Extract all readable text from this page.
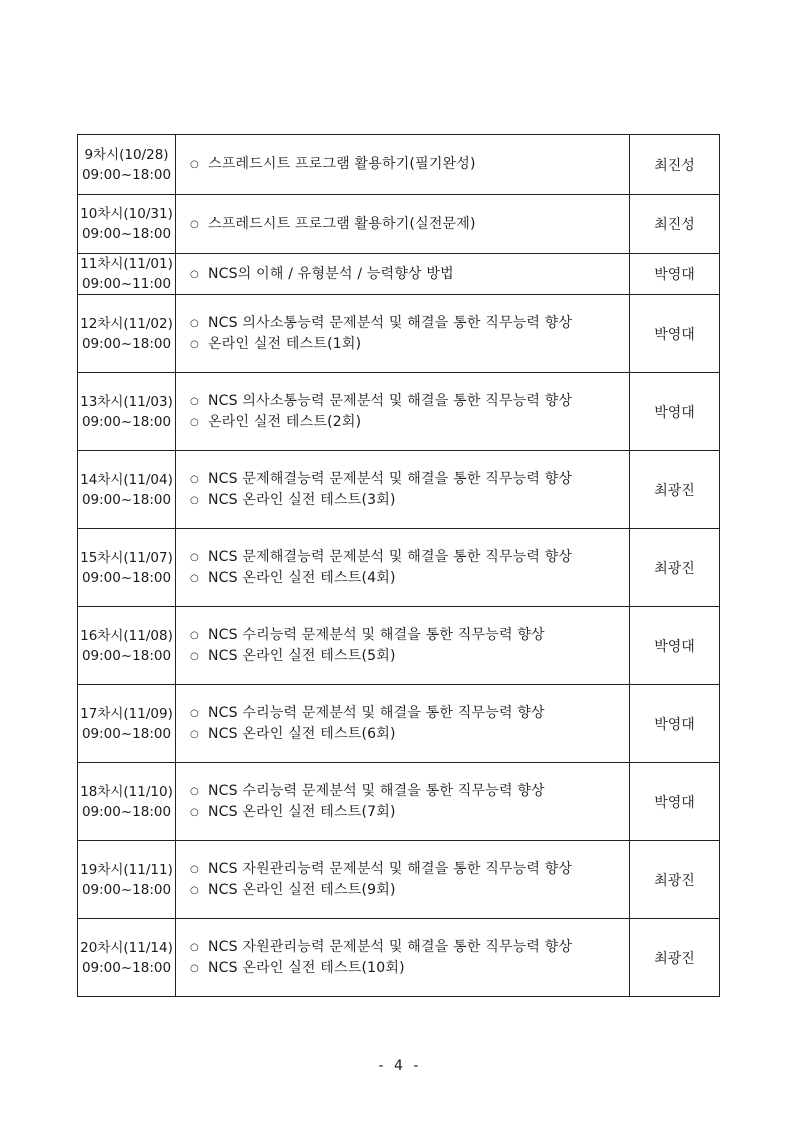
9차시(10/28)
09:00~18:00	○ 스프레드시트 프로그램 활용하기(필기완성)	최진성

10차시(10/31)
09:00~18:00	○ 스프레드시트 프로그램 활용하기(실전문제)	최진성

11차시(11/01)
09:00~11:00	○ NCS의 이해 / 유형분석 / 능력향상 방법	박영대

12차시(11/02)
09:00~18:00	○ NCS 의사소통능력 문제분석 및 해결을 통한 직무능력 향상
○ 온라인 실전 테스트(1회)	박영대

13차시(11/03)
09:00~18:00	○ NCS 의사소통능력 문제분석 및 해결을 통한 직무능력 향상
○ 온라인 실전 테스트(2회)	박영대

14차시(11/04)
09:00~18:00	○ NCS 문제해결능력 문제분석 및 해결을 통한 직무능력 향상
○ NCS 온라인 실전 테스트(3회)	최광진

15차시(11/07)
09:00~18:00	○ NCS 문제해결능력 문제분석 및 해결을 통한 직무능력 향상
○ NCS 온라인 실전 테스트(4회)	최광진

16차시(11/08)
09:00~18:00	○ NCS 수리능력 문제분석 및 해결을 통한 직무능력 향상
○ NCS 온라인 실전 테스트(5회)	박영대

17차시(11/09)
09:00~18:00	○ NCS 수리능력 문제분석 및 해결을 통한 직무능력 향상
○ NCS 온라인 실전 테스트(6회)	박영대

18차시(11/10)
09:00~18:00	○ NCS 수리능력 문제분석 및 해결을 통한 직무능력 향상
○ NCS 온라인 실전 테스트(7회)	박영대

19차시(11/11)
09:00~18:00	○ NCS 자원관리능력 문제분석 및 해결을 통한 직무능력 향상
○ NCS 온라인 실전 테스트(9회)	최광진

20차시(11/14)
09:00~18:00	○ NCS 자원관리능력 문제분석 및 해결을 통한 직무능력 향상
○ NCS 온라인 실전 테스트(10회)	최광진
- 4 -
